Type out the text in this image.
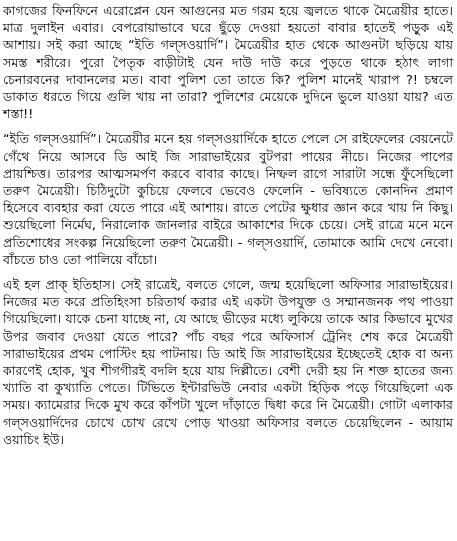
কাগজের ফিনফিনে এরোপ্লেন যেন আগুনের মত গরম হয়ে জ্বলতে থাকে মৈত্রেয়ীর হাতে। মাত্র দুলাইন এবার। বেপরোয়াভাবে ঘরে ছুঁড়ে দেওয়া হয়তো বাবার হাতেই পড়ুক এই আশায়। সই করা আছে “ইতি গল্সওয়ার্দি”। মৈত্রেয়ীর হাত থেকে আগুনটা ছড়িয়ে যায় সমস্ত শরীরে। পুরো পৈতৃক বাড়ীটাই যেন দাউ দাউ করে পুড়তে থাকে হঠাৎ লাগা চেনারবনের দাবানলের মত। বাবা পুলিশ তো তাতে কি? পুলিশ মানেই খারাপ ?! চম্বলে ডাকাত ধরতে গিয়ে গুলি খায় না তারা? পুলিশের মেয়েকে দুদিনে ভুলে যাওয়া যায়? এত শস্তা!!

“ইতি গল্সওয়ার্দি”। মৈত্রেয়ীর মনে হয় গল্সওয়ার্দিকে হাতে পেলে সে রাইফেলের বেয়নেটে গেঁথে নিয়ে আসবে ডি আই জি সারাভাইয়ের বুটপরা পায়ের নীচে। নিজের পাপের প্রায়শ্চিত্ত। তারপর আত্মসমর্পণ করবে বাবার কাছে। নিষ্ফল রাগে সারাটা সন্ধে ফুঁসেছিলো তরুণ মৈত্রেয়ী। চিঠিদুটো কুচিয়ে ফেলবে ভেবেও ফেলেনি - ভবিষ্যতে কোনদিন প্রমাণ হিসেবে ব্যবহার করা যেতে পারে এই আশায়। রাতে পেটের ক্ষুধার জ্ঞান করে খায় নি কিছু। শুয়েছিলো নির্মেঘ, নিরালোক জানলার বাইরে আকাশের দিকে চেয়ে। সেই রাত্রে মনে মনে প্রতিশোধের সংকল্প নিয়েছিলো তরুণ মৈত্রেয়ী। - গল্সওয়ার্দি, তোমাকে আমি দেখে নেবো। বাঁচতে চাও তো পালিয়ে বাঁচো।

এই হল প্রাক্ ইতিহাস। সেই রাত্রেই, বলতে গেলে, জন্ম হয়েছিলো অফিসার সারাভাইয়ের। নিজের মত করে প্রতিহিংসা চরিতার্থ করার এই একটা উপযুক্ত ও সম্মানজনক পথ পাওয়া গিয়েছিলো। যাকে চেনা যাচ্ছে না, যে আছে ভীড়ের মধ্যে লুকিয়ে তাকে আর কিভাবে মুখের উপর জবাব দেওয়া যেতে পারে? পাঁচ বছর পরে অফিসার্স ট্রেনিং শেষ করে মৈত্রেয়ী সারাভাইয়ের প্রথম পোস্টিং হয় পাটনায়। ডি আই জি সারাভাইয়ের ইচ্ছেতেই হোক বা অন্য কারণেই হোক, খুব শীগগীরই বদলি হয়ে যায় দিল্লীতে। বেশী দেরী হয় নি শক্ত হাতের জন্য খ্যাতি বা কুখ্যাতি পেতে। টিভিতে ইন্টারভিউ নেবার একটা হিড়িক পড়ে গিয়েছিলো এক সময়। ক্যামেরার দিকে মুখ করে কাঁপটা খুলে দাঁড়াতে দ্বিধা করে নি মৈত্রেয়ী। গোটা এলাকার গল্সওয়ার্দিদের চোখে চোখ রেখে পোড় খাওয়া অফিসার বলতে চেয়েছিলেন - আয়াম ওয়াচিং ইউ।
